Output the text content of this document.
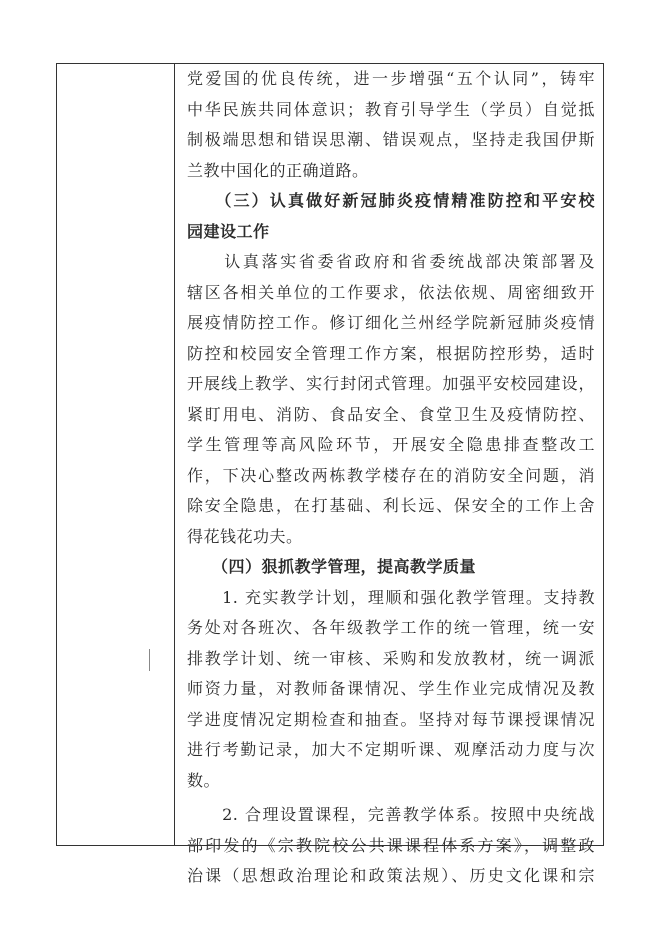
党爱国的优良传统，进一步增强“五个认同”，铸牢
中华民族共同体意识；教育引导学生（学员）自觉抵
制极端思想和错误思潮、错误观点，坚持走我国伊斯
兰教中国化的正确道路。
　　（三）认真做好新冠肺炎疫情精准防控和平安校
园建设工作
　　认真落实省委省政府和省委统战部决策部署及
辖区各相关单位的工作要求，依法依规、周密细致开
展疫情防控工作。修订细化兰州经学院新冠肺炎疫情
防控和校园安全管理工作方案，根据防控形势，适时
开展线上教学、实行封闭式管理。加强平安校园建设，
紧盯用电、消防、食品安全、食堂卫生及疫情防控、
学生管理等高风险环节，开展安全隐患排查整改工
作，下决心整改两栋教学楼存在的消防安全问题，消
除安全隐患，在打基础、利长远、保安全的工作上舍
得花钱花功夫。
　　（四）狠抓教学管理，提高教学质量
　　1. 充实教学计划，理顺和强化教学管理。支持教
务处对各班次、各年级教学工作的统一管理，统一安
排教学计划、统一审核、采购和发放教材，统一调派
师资力量，对教师备课情况、学生作业完成情况及教
学进度情况定期检查和抽查。坚持对每节课授课情况
进行考勤记录，加大不定期听课、观摩活动力度与次
数。
　　2. 合理设置课程，完善教学体系。按照中央统战
部印发的《宗教院校公共课课程体系方案》，调整政
治课（思想政治理论和政策法规）、历史文化课和宗
